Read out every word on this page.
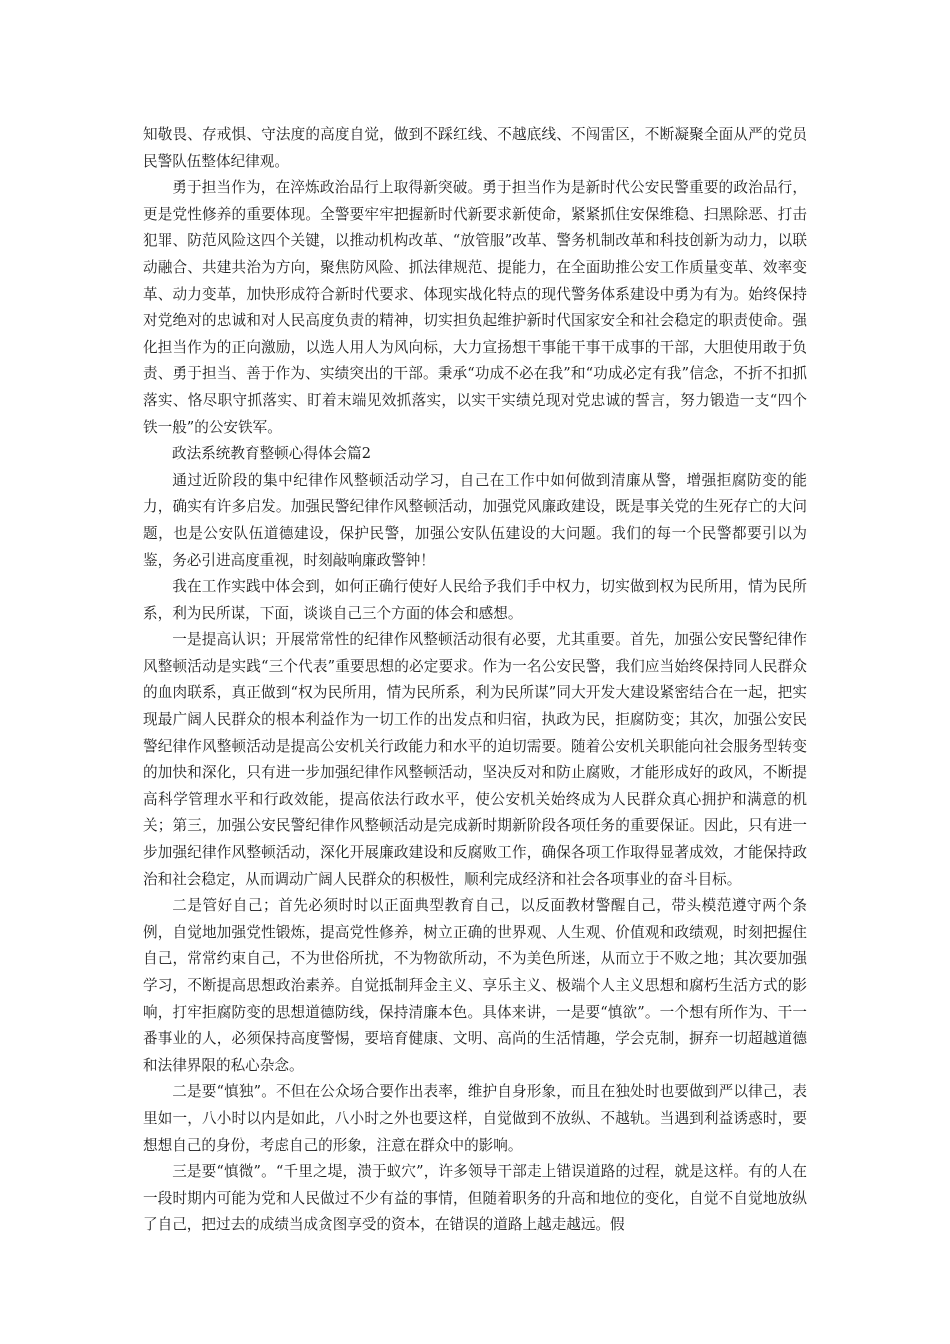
知敬畏、存戒惧、守法度的高度自觉，做到不踩红线、不越底线、不闯雷区，不断凝聚全面从严的党员民警队伍整体纪律观。

勇于担当作为，在淬炼政治品行上取得新突破。勇于担当作为是新时代公安民警重要的政治品行，更是党性修养的重要体现。全警要牢牢把握新时代新要求新使命，紧紧抓住安保维稳、扫黑除恶、打击犯罪、防范风险这四个关键，以推动机构改革、“放管服”改革、警务机制改革和科技创新为动力，以联动融合、共建共治为方向，聚焦防风险、抓法律规范、提能力，在全面助推公安工作质量变革、效率变革、动力变革，加快形成符合新时代要求、体现实战化特点的现代警务体系建设中勇为有为。始终保持对党绝对的忠诚和对人民高度负责的精神，切实担负起维护新时代国家安全和社会稳定的职责使命。强化担当作为的正向激励，以选人用人为风向标，大力宣扬想干事能干事干成事的干部，大胆使用敢于负责、勇于担当、善于作为、实绩突出的干部。秉承“功成不必在我”和“功成必定有我”信念，不折不扣抓落实、恪尽职守抓落实、盯着末端见效抓落实，以实干实绩兑现对党忠诚的誓言，努力锻造一支“四个铁一般”的公安铁军。

政法系统教育整顿心得体会篇2

通过近阶段的集中纪律作风整顿活动学习，自己在工作中如何做到清廉从警，增强拒腐防变的能力，确实有许多启发。加强民警纪律作风整顿活动，加强党风廉政建设，既是事关党的生死存亡的大问题，也是公安队伍道德建设，保护民警，加强公安队伍建设的大问题。我们的每一个民警都要引以为鉴，务必引进高度重视，时刻敲响廉政警钟！

我在工作实践中体会到，如何正确行使好人民给予我们手中权力，切实做到权为民所用，情为民所系，利为民所谋，下面，谈谈自己三个方面的体会和感想。

一是提高认识；开展常常性的纪律作风整顿活动很有必要，尤其重要。首先，加强公安民警纪律作风整顿活动是实践“三个代表”重要思想的必定要求。作为一名公安民警，我们应当始终保持同人民群众的血肉联系，真正做到“权为民所用，情为民所系，利为民所谋”同大开发大建设紧密结合在一起，把实现最广阔人民群众的根本利益作为一切工作的出发点和归宿，执政为民，拒腐防变；其次，加强公安民警纪律作风整顿活动是提高公安机关行政能力和水平的迫切需要。随着公安机关职能向社会服务型转变的加快和深化，只有进一步加强纪律作风整顿活动，坚决反对和防止腐败，才能形成好的政风，不断提高科学管理水平和行政效能，提高依法行政水平，使公安机关始终成为人民群众真心拥护和满意的机关；第三，加强公安民警纪律作风整顿活动是完成新时期新阶段各项任务的重要保证。因此，只有进一步加强纪律作风整顿活动，深化开展廉政建设和反腐败工作，确保各项工作取得显著成效，才能保持政治和社会稳定，从而调动广阔人民群众的积极性，顺利完成经济和社会各项事业的奋斗目标。

二是管好自己；首先必须时时以正面典型教育自己，以反面教材警醒自己，带头模范遵守两个条例，自觉地加强党性锻炼，提高党性修养，树立正确的世界观、人生观、价值观和政绩观，时刻把握住自己，常常约束自己，不为世俗所扰，不为物欲所动，不为美色所迷，从而立于不败之地；其次要加强学习，不断提高思想政治素养。自觉抵制拜金主义、享乐主义、极端个人主义思想和腐朽生活方式的影响，打牢拒腐防变的思想道德防线，保持清廉本色。具体来讲，一是要“慎欲”。一个想有所作为、干一番事业的人，必须保持高度警惕，要培育健康、文明、高尚的生活情趣，学会克制，摒弃一切超越道德和法律界限的私心杂念。

二是要“慎独”。不但在公众场合要作出表率，维护自身形象，而且在独处时也要做到严以律己，表里如一，八小时以内是如此，八小时之外也要这样，自觉做到不放纵、不越轨。当遇到利益诱惑时，要想想自己的身份，考虑自己的形象，注意在群众中的影响。

三是要“慎微”。“千里之堤，溃于蚁穴”，许多领导干部走上错误道路的过程，就是这样。有的人在一段时期内可能为党和人民做过不少有益的事情，但随着职务的升高和地位的变化，自觉不自觉地放纵了自己，把过去的成绩当成贪图享受的资本，在错误的道路上越走越远。假
